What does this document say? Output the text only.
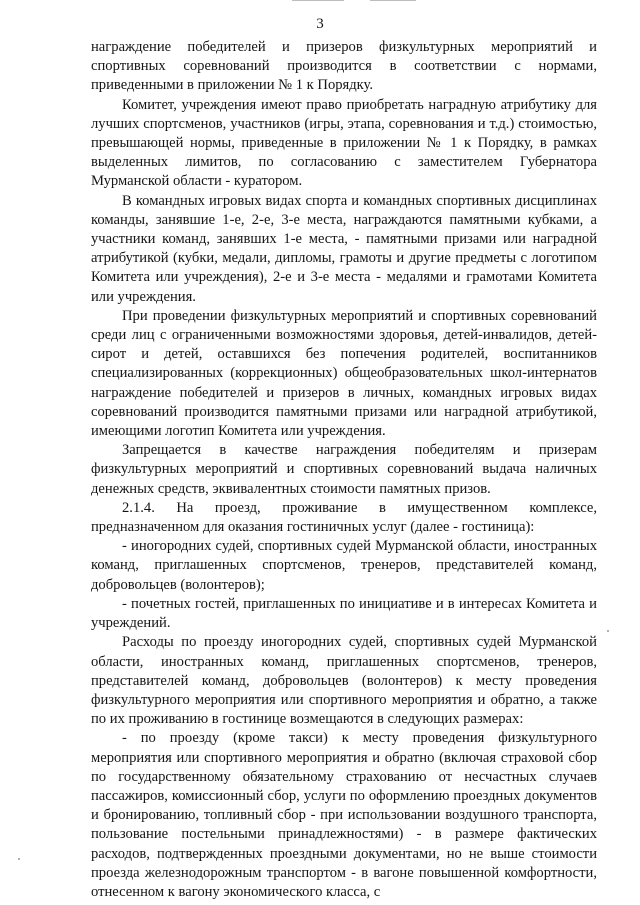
3

награждение победителей и призеров физкультурных мероприятий и спортивных соревнований производится в соответствии с нормами, приведенными в приложении № 1 к Порядку.

Комитет, учреждения имеют право приобретать наградную атрибутику для лучших спортсменов, участников (игры, этапа, соревнования и т.д.) стоимостью, превышающей нормы, приведенные в приложении № 1 к Порядку, в рамках выделенных лимитов, по согласованию с заместителем Губернатора Мурманской области - куратором.

В командных игровых видах спорта и командных спортивных дисциплинах команды, занявшие 1-е, 2-е, 3-е места, награждаются памятными кубками, а участники команд, занявших 1-е места, - памятными призами или наградной атрибутикой (кубки, медали, дипломы, грамоты и другие предметы с логотипом Комитета или учреждения), 2-е и 3-е места - медалями и грамотами Комитета или учреждения.

При проведении физкультурных мероприятий и спортивных соревнований среди лиц с ограниченными возможностями здоровья, детей-инвалидов, детей-сирот и детей, оставшихся без попечения родителей, воспитанников специализированных (коррекционных) общеобразовательных школ-интернатов награждение победителей и призеров в личных, командных игровых видах соревнований производится памятными призами или наградной атрибутикой, имеющими логотип Комитета или учреждения.

Запрещается в качестве награждения победителям и призерам физкультурных мероприятий и спортивных соревнований выдача наличных денежных средств, эквивалентных стоимости памятных призов.

2.1.4. На проезд, проживание в имущественном комплексе, предназначенном для оказания гостиничных услуг (далее - гостиница):

- иногородних судей, спортивных судей Мурманской области, иностранных команд, приглашенных спортсменов, тренеров, представителей команд, добровольцев (волонтеров);

- почетных гостей, приглашенных по инициативе и в интересах Комитета и учреждений.

Расходы по проезду иногородних судей, спортивных судей Мурманской области, иностранных команд, приглашенных спортсменов, тренеров, представителей команд, добровольцев (волонтеров) к месту проведения физкультурного мероприятия или спортивного мероприятия и обратно, а также по их проживанию в гостинице возмещаются в следующих размерах:

- по проезду (кроме такси) к месту проведения физкультурного мероприятия или спортивного мероприятия и обратно (включая страховой сбор по государственному обязательному страхованию от несчастных случаев пассажиров, комиссионный сбор, услуги по оформлению проездных документов и бронированию, топливный сбор - при использовании воздушного транспорта, пользование постельными принадлежностями) - в размере фактических расходов, подтвержденных проездными документами, но не выше стоимости проезда железнодорожным транспортом - в вагоне повышенной комфортности, отнесенном к вагону экономического класса, с
